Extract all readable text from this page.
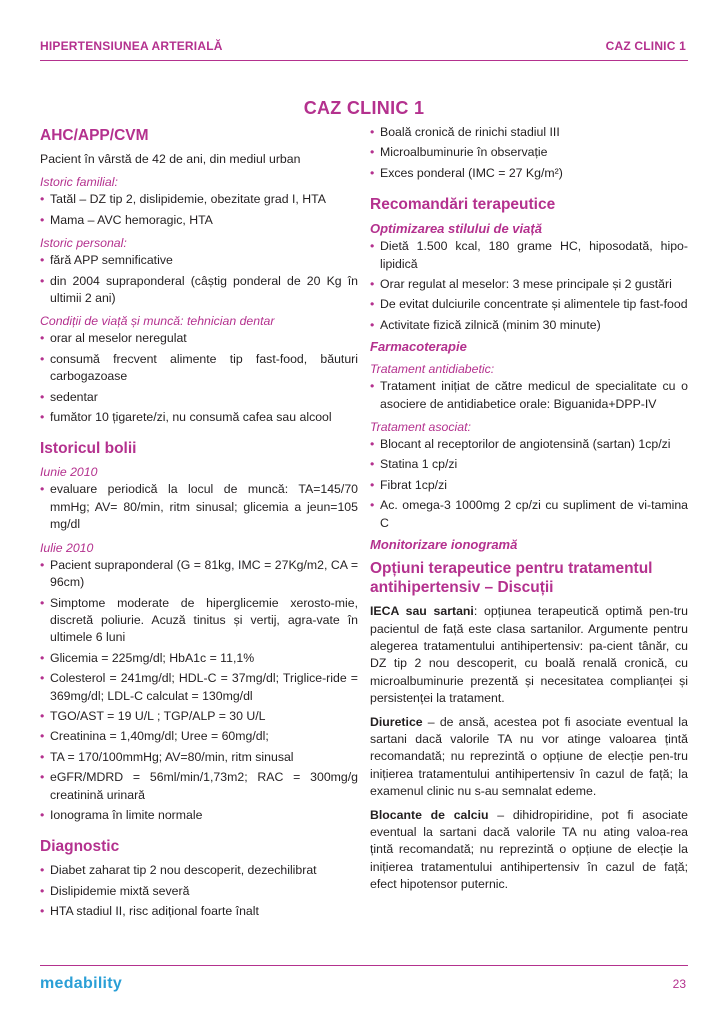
HIPERTENSIUNEA ARTERIALĂ	CAZ CLINIC 1
CAZ CLINIC 1
AHC/APP/CVM
Pacient în vârstă de 42 de ani, din mediul urban
Istoric familial:
• Tatăl – DZ tip 2, dislipidemie, obezitate grad I, HTA
• Mama – AVC hemoragic, HTA
Istoric personal:
• fără APP semnificative
• din 2004 supraponderal (câștig ponderal de 20 Kg în ultimii 2 ani)
Condiții de viață și muncă: tehnician dentar
• orar al meselor neregulat
• consumă frecvent alimente tip fast-food, băuturi carbogazoase
• sedentar
• fumător 10 țigarete/zi, nu consumă cafea sau alcool
Istoricul bolii
Iunie 2010
• evaluare periodică la locul de muncă: TA=145/70 mmHg; AV= 80/min, ritm sinusal; glicemia a jeun=105 mg/dl
Iulie 2010
• Pacient supraponderal (G = 81kg, IMC = 27Kg/m2, CA = 96cm)
• Simptome moderate de hiperglicemie xerosto-mie, discretă poliurie. Acuză tinitus și vertij, agra-vate în ultimele 6 luni
• Glicemia = 225mg/dl; HbA1c = 11,1%
• Colesterol = 241mg/dl; HDL-C = 37mg/dl; Triglice-ride = 369mg/dl; LDL-C calculat = 130mg/dl
• TGO/AST = 19 U/L ; TGP/ALP = 30 U/L
• Creatinina = 1,40mg/dl; Uree = 60mg/dl;
• TA = 170/100mmHg; AV=80/min, ritm sinusal
• eGFR/MDRD = 56ml/min/1,73m2; RAC = 300mg/g creatinină urinară
• Ionograma în limite normale
Diagnostic
• Diabet zaharat tip 2 nou descoperit, dezechilibrat
• Dislipidemie mixtă severă
• HTA stadiul II, risc adițional foarte înalt
• Boală cronică de rinichi stadiul III
• Microalbuminurie în observație
• Exces ponderal (IMC = 27 Kg/m²)
Recomandări terapeutice
Optimizarea stilului de viață
• Dietă 1.500 kcal, 180 grame HC, hiposodată, hipo-lipidică
• Orar regulat al meselor: 3 mese principale și 2 gustări
• De evitat dulciurile concentrate și alimentele tip fast-food
• Activitate fizică zilnică (minim 30 minute)
Farmacoterapie
Tratament antidiabetic:
• Tratament inițiat de către medicul de specialitate cu o asociere de antidiabetice orale: Biguanida+DPP-IV
Tratament asociat:
• Blocant al receptorilor de angiotensină (sartan) 1cp/zi
• Statina 1 cp/zi
• Fibrat 1cp/zi
• Ac. omega-3 1000mg 2 cp/zi cu supliment de vi-tamina C
Monitorizare ionogramă
Opțiuni terapeutice pentru tratamentul antihipertensiv – Discuții

IECA sau sartani: opțiunea terapeutică optimă pen-tru pacientul de față este clasa sartanilor. Argumente pentru alegerea tratamentului antihipertensiv: pa-cient tânăr, cu DZ tip 2 nou descoperit, cu boală renală cronică, cu microalbuminurie prezentă și necesitatea complianței și persistenței la tratament.

Diuretice – de ansă, acestea pot fi asociate eventual la sartani dacă valorile TA nu vor atinge valoarea țintă recomandată; nu reprezintă o opțiune de elecție pen-tru inițierea tratamentului antihipertensiv în cazul de față; la examenul clinic nu s-au semnalat edeme.

Blocante de calciu – dihidropiridine, pot fi asociate eventual la sartani dacă valorile TA nu ating valoa-rea țintă recomandată; nu reprezintă o opțiune de elecție la inițierea tratamentului antihipertensiv în cazul de față; efect hipotensor puternic.

medability	23
